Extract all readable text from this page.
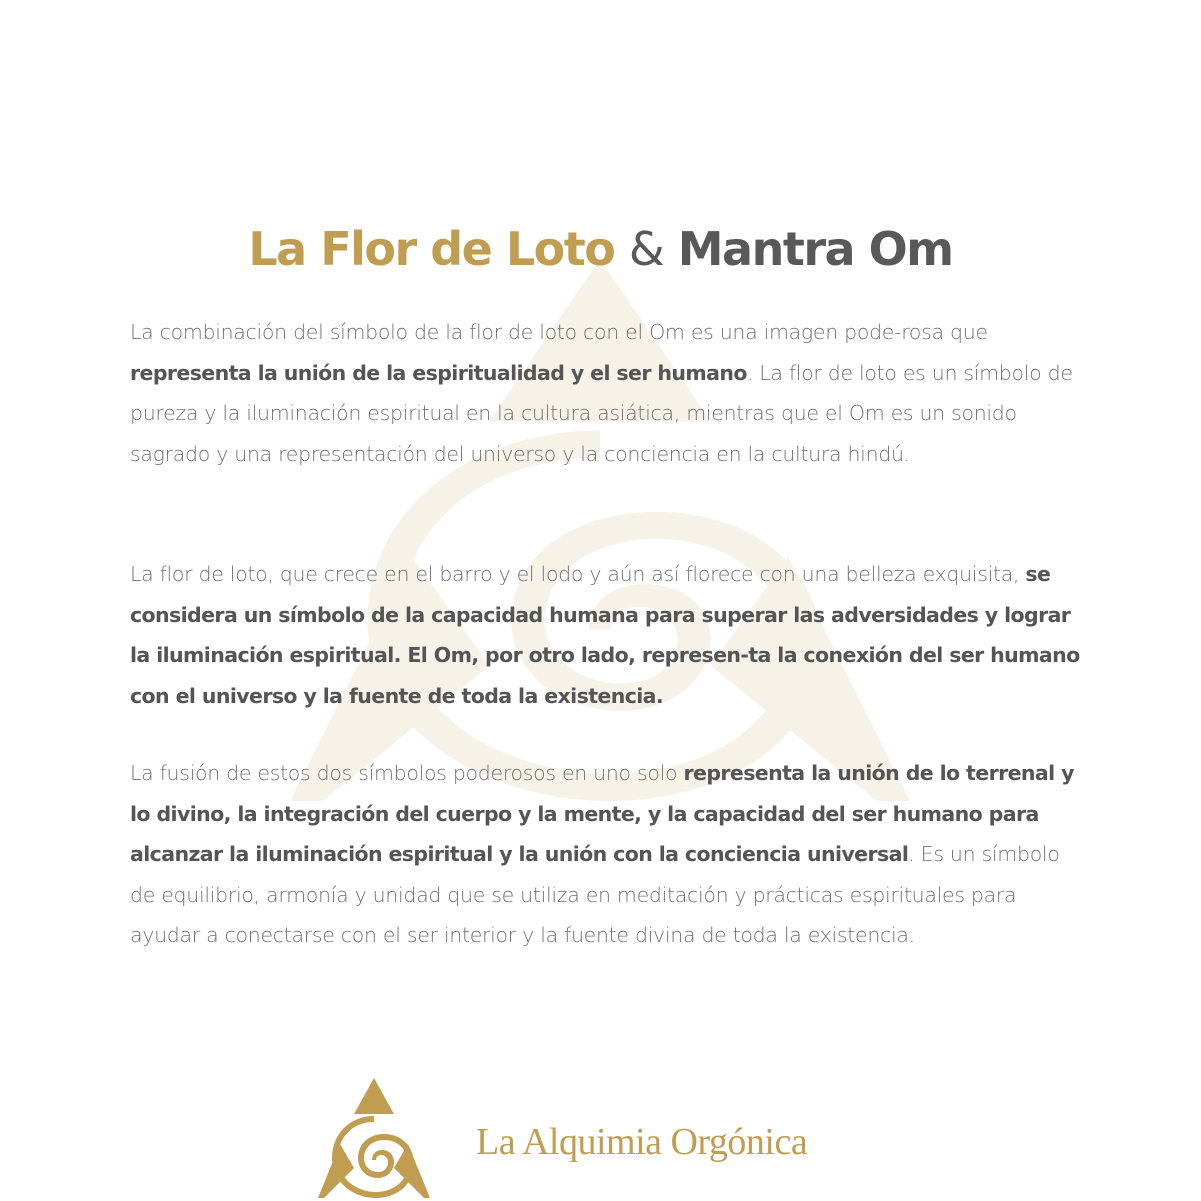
La Flor de Loto & Mantra Om

La combinación del símbolo de la flor de loto con el Om es una imagen pode-rosa que representa la unión de la espiritualidad y el ser humano. La flor de loto es un símbolo de pureza y la iluminación espiritual en la cultura asiática, mientras que el Om es un sonido sagrado y una representación del universo y la conciencia en la cultura hindú.

La flor de loto, que crece en el barro y el lodo y aún así florece con una belleza exquisita, se considera un símbolo de la capacidad humana para superar las adversidades y lograr la iluminación espiritual. El Om, por otro lado, represen-ta la conexión del ser humano con el universo y la fuente de toda la existencia.

La fusión de estos dos símbolos poderosos en uno solo representa la unión de lo terrenal y lo divino, la integración del cuerpo y la mente, y la capacidad del ser humano para alcanzar la iluminación espiritual y la unión con la conciencia universal. Es un símbolo de equilibrio, armonía y unidad que se utiliza en meditación y prácticas espirituales para ayudar a conectarse con el ser interior y la fuente divina de toda la existencia.

La Alquimia Orgónica
